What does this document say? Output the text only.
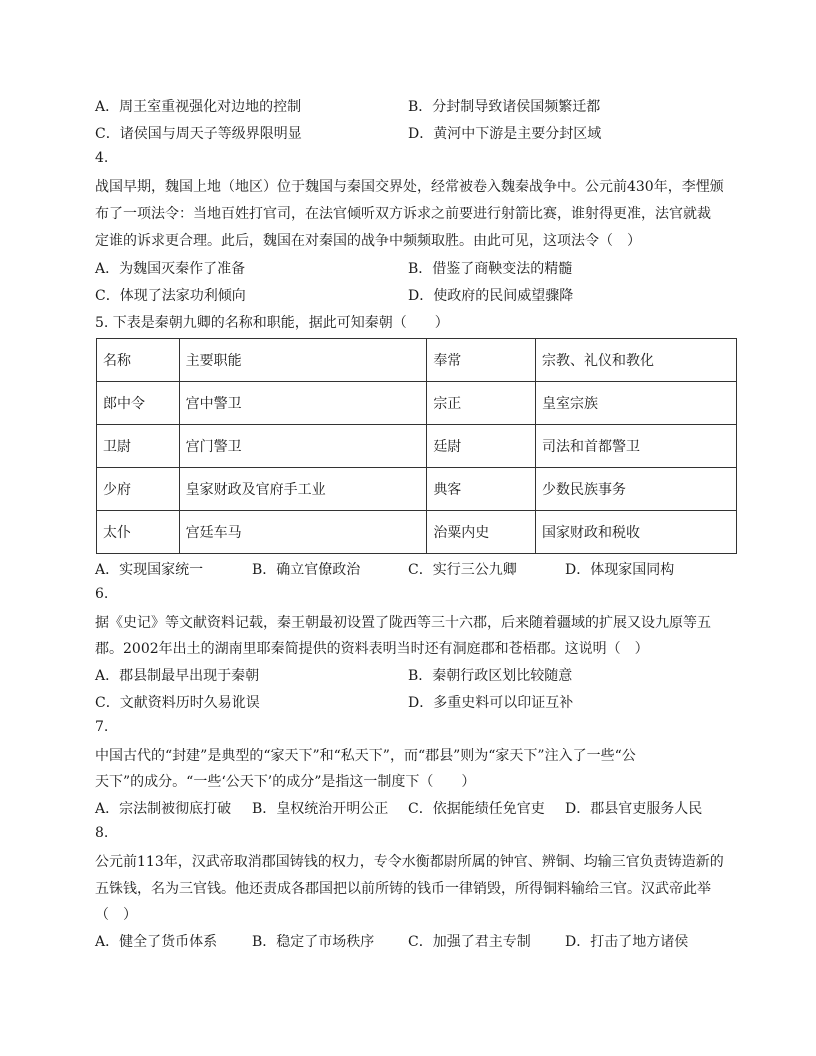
A．周王室重视强化对边地的控制	B．分封制导致诸侯国频繁迁都
C．诸侯国与周天子等级界限明显	D．黄河中下游是主要分封区域
4.
战国早期，魏国上地（地区）位于魏国与秦国交界处，经常被卷入魏秦战争中。公元前430年，李悝颁
布了一项法令：当地百姓打官司，在法官倾听双方诉求之前要进行射箭比赛，谁射得更准，法官就裁
定谁的诉求更合理。此后，魏国在对秦国的战争中频频取胜。由此可见，这项法令（　）
A．为魏国灭秦作了准备	B．借鉴了商鞅变法的精髓
C．体现了法家功利倾向	D．使政府的民间威望骤降
5. 下表是秦朝九卿的名称和职能，据此可知秦朝（　　）
名称	主要职能	奉常	宗教、礼仪和教化
郎中令	宫中警卫	宗正	皇室宗族
卫尉	宫门警卫	廷尉	司法和首都警卫
少府	皇家财政及官府手工业	典客	少数民族事务
太仆	宫廷车马	治粟内史	国家财政和税收
A．实现国家统一	B．确立官僚政治	C．实行三公九卿	D．体现家国同构
6.
据《史记》等文献资料记载，秦王朝最初设置了陇西等三十六郡，后来随着疆域的扩展又设九原等五
郡。2002年出土的湖南里耶秦简提供的资料表明当时还有洞庭郡和苍梧郡。这说明（　）
A．郡县制最早出现于秦朝	B．秦朝行政区划比较随意
C．文献资料历时久易讹误	D．多重史料可以印证互补
7.
中国古代的“封建”是典型的“家天下”和“私天下”，而“郡县”则为“家天下”注入了一些“公
天下”的成分。“一些‘公天下’的成分”是指这一制度下（　　）
A．宗法制被彻底打破 B．皇权统治开明公正 C．依据能绩任免官吏 D．郡县官吏服务人民
8.
公元前113年，汉武帝取消郡国铸钱的权力，专令水衡都尉所属的钟官、辨铜、均输三官负责铸造新的
五铢钱，名为三官钱。他还责成各郡国把以前所铸的钱币一律销毁，所得铜料输给三官。汉武帝此举
（　）
A．健全了货币体系 B．稳定了市场秩序 C．加强了君主专制 D．打击了地方诸侯
